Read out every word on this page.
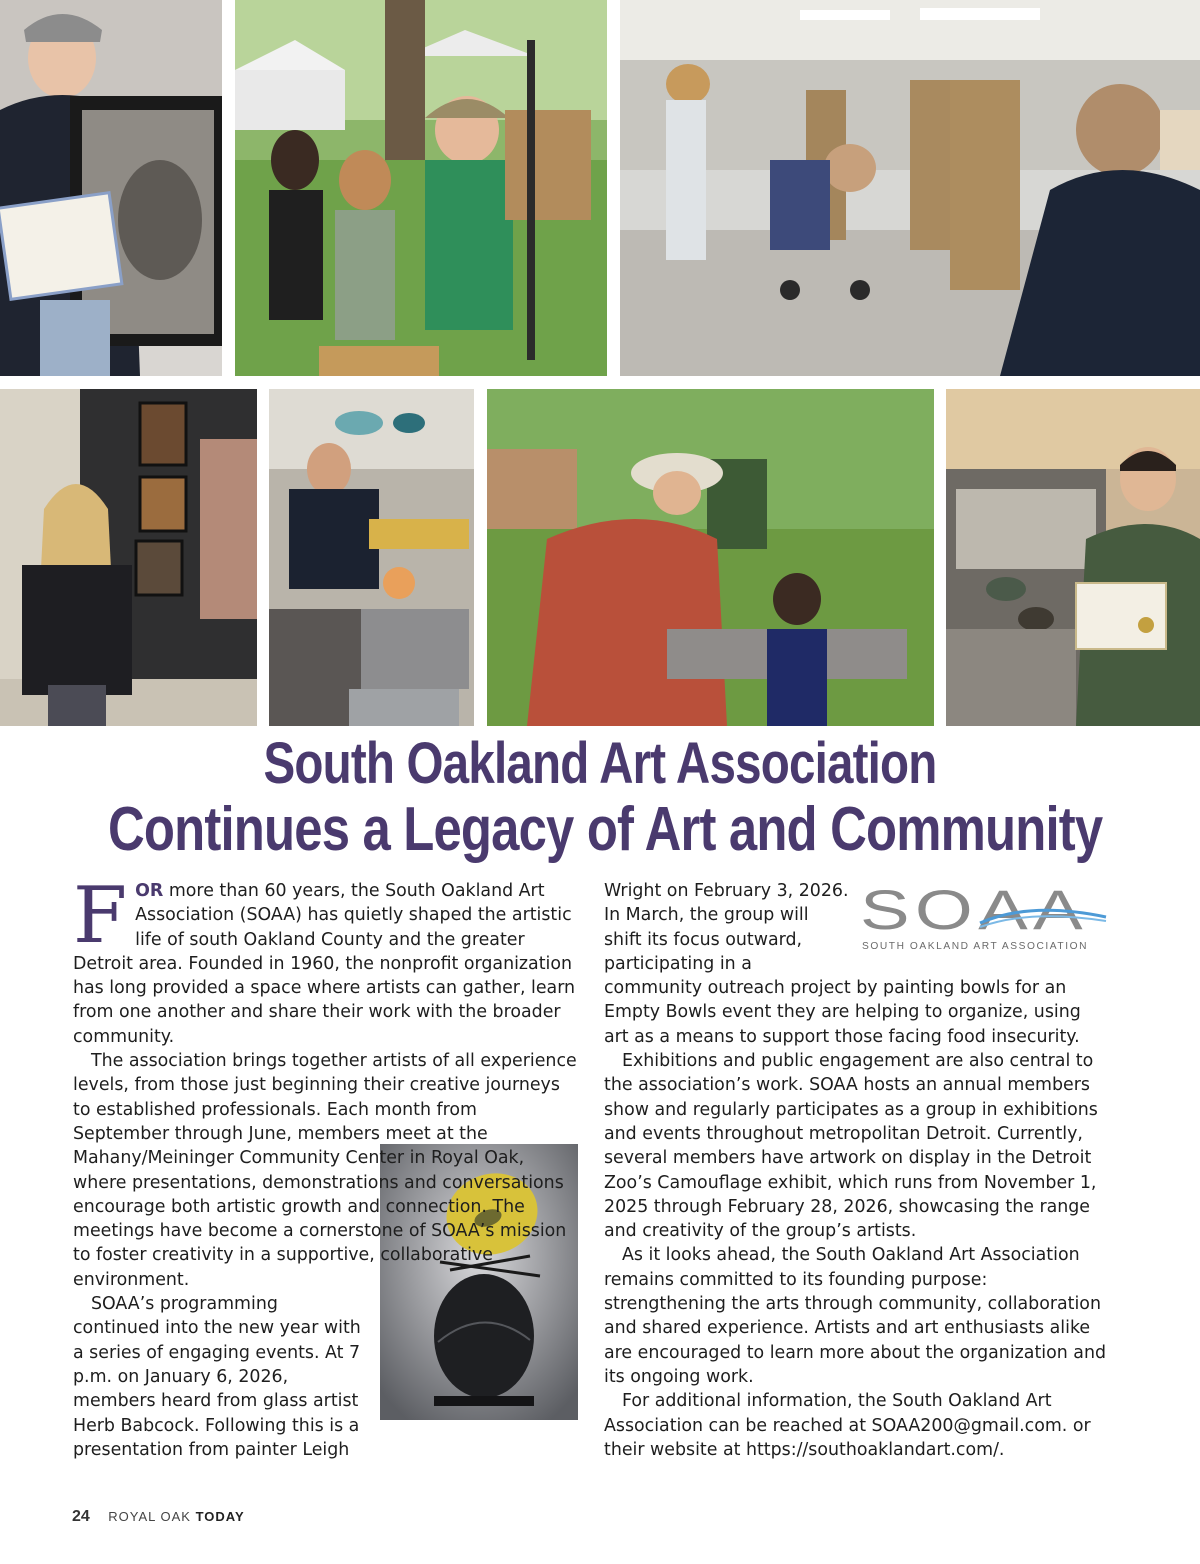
South Oakland Art Association
Continues a Legacy of Art and Community

FOR more than 60 years, the South Oakland Art Association (SOAA) has quietly shaped the artistic life of south Oakland County and the greater Detroit area. Founded in 1960, the nonprofit organization has long provided a space where artists can gather, learn from one another and share their work with the broader community.

The association brings together artists of all experience levels, from those just beginning their creative journeys to established professionals. Each month from September through June, members meet at the Mahany/Meininger Community Center in Royal Oak, where presentations, demonstrations and conversations encourage both artistic growth and connection. The meetings have become a cornerstone of SOAA’s mission to foster creativity in a supportive, collaborative environment.

SOAA’s programming continued into the new year with a series of engaging events. At 7 p.m. on January 6, 2026, members heard from glass artist Herb Babcock. Following this is a presentation from painter Leigh

SOAA
SOUTH OAKLAND ART ASSOCIATION

Wright on February 3, 2026. In March, the group will shift its focus outward, participating in a community outreach project by painting bowls for an Empty Bowls event they are helping to organize, using art as a means to support those facing food insecurity.

Exhibitions and public engagement are also central to the association’s work. SOAA hosts an annual members show and regularly participates as a group in exhibitions and events throughout metropolitan Detroit. Currently, several members have artwork on display in the Detroit Zoo’s Camouflage exhibit, which runs from November 1, 2025 through February 28, 2026, showcasing the range and creativity of the group’s artists.

As it looks ahead, the South Oakland Art Association remains committed to its founding purpose: strengthening the arts through community, collaboration and shared experience. Artists and art enthusiasts alike are encouraged to learn more about the organization and its ongoing work.

For additional information, the South Oakland Art Association can be reached at SOAA200@gmail.com. or their website at https://southoaklandart.com/.

24 ROYAL OAK TODAY
